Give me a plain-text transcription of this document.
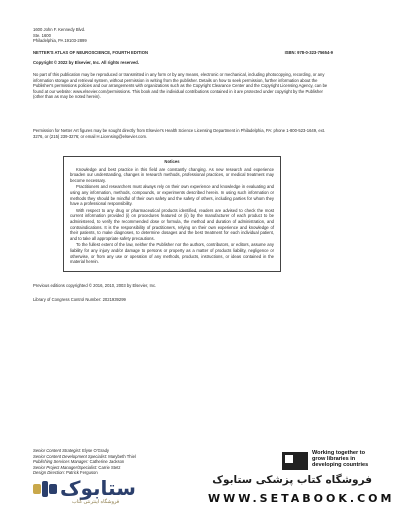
1600 John F. Kennedy Blvd.
Ste. 1600
Philadelphia, PA 19103-2899
NETTER'S ATLAS OF NEUROSCIENCE, FOURTH EDITION	ISBN: 978-0-323-75654-9
Copyright © 2022 by Elsevier, Inc. All rights reserved.
No part of this publication may be reproduced or transmitted in any form or by any means, electronic or mechanical, including photocopying, recording, or any information storage and retrieval system, without permission in writing from the publisher. Details on how to seek permission, further information about the Publisher's permissions policies and our arrangements with organizations such as the Copyright Clearance Center and the Copyright Licensing Agency, can be found at our website: www.elsevier.com/permissions. This book and the individual contributions contained in it are protected under copyright by the Publisher (other than as may be noted herein).
Permission for Netter Art figures may be sought directly from Elsevier's Health Science Licensing Department in Philadelphia, PA: phone 1-800-523-1649, ext. 3276, or (215) 239-3276; or email H.Licensing@elsevier.com.
Notices

Knowledge and best practice in this field are constantly changing. As new research and experience broaden our understanding, changes in research methods, professional practices, or medical treatment may become necessary.

Practitioners and researchers must always rely on their own experience and knowledge in evaluating and using any information, methods, compounds, or experiments described herein. In using such information or methods they should be mindful of their own safety and the safety of others, including parties for whom they have a professional responsibility.

With respect to any drug or pharmaceutical products identified, readers are advised to check the most current information provided (i) on procedures featured or (ii) by the manufacturer of each product to be administered, to verify the recommended dose or formula, the method and duration of administration, and contraindications. It is the responsibility of practitioners, relying on their own experience and knowledge of their patients, to make diagnoses, to determine dosages and the best treatment for each individual patient, and to take all appropriate safety precautions.

To the fullest extent of the law, neither the Publisher nor the authors, contributors, or editors, assume any liability for any injury and/or damage to persons or property as a matter of products liability, negligence or otherwise, or from any use or operation of any methods, products, instructions, or ideas contained in the material herein.

Previous editions copyrighted © 2016, 2010, 2003 by Elsevier, Inc.
Library of Congress Control Number: 2021939299
Senior Content Strategist: Elyse O'Grady
Senior Content Development Specialist: Marybeth Thiel
Publishing Services Manager: Catherine Jackson
Senior Project Manager/Specialist: Carrie Stetz
Design Direction: Patrick Ferguson
Working together to grow libraries in developing countries
ستابوک
فروشگاه اینترنتی کتاب
فروشگاه کتاب پزشکی ستابوک
WWW.SETABOOK.COM
